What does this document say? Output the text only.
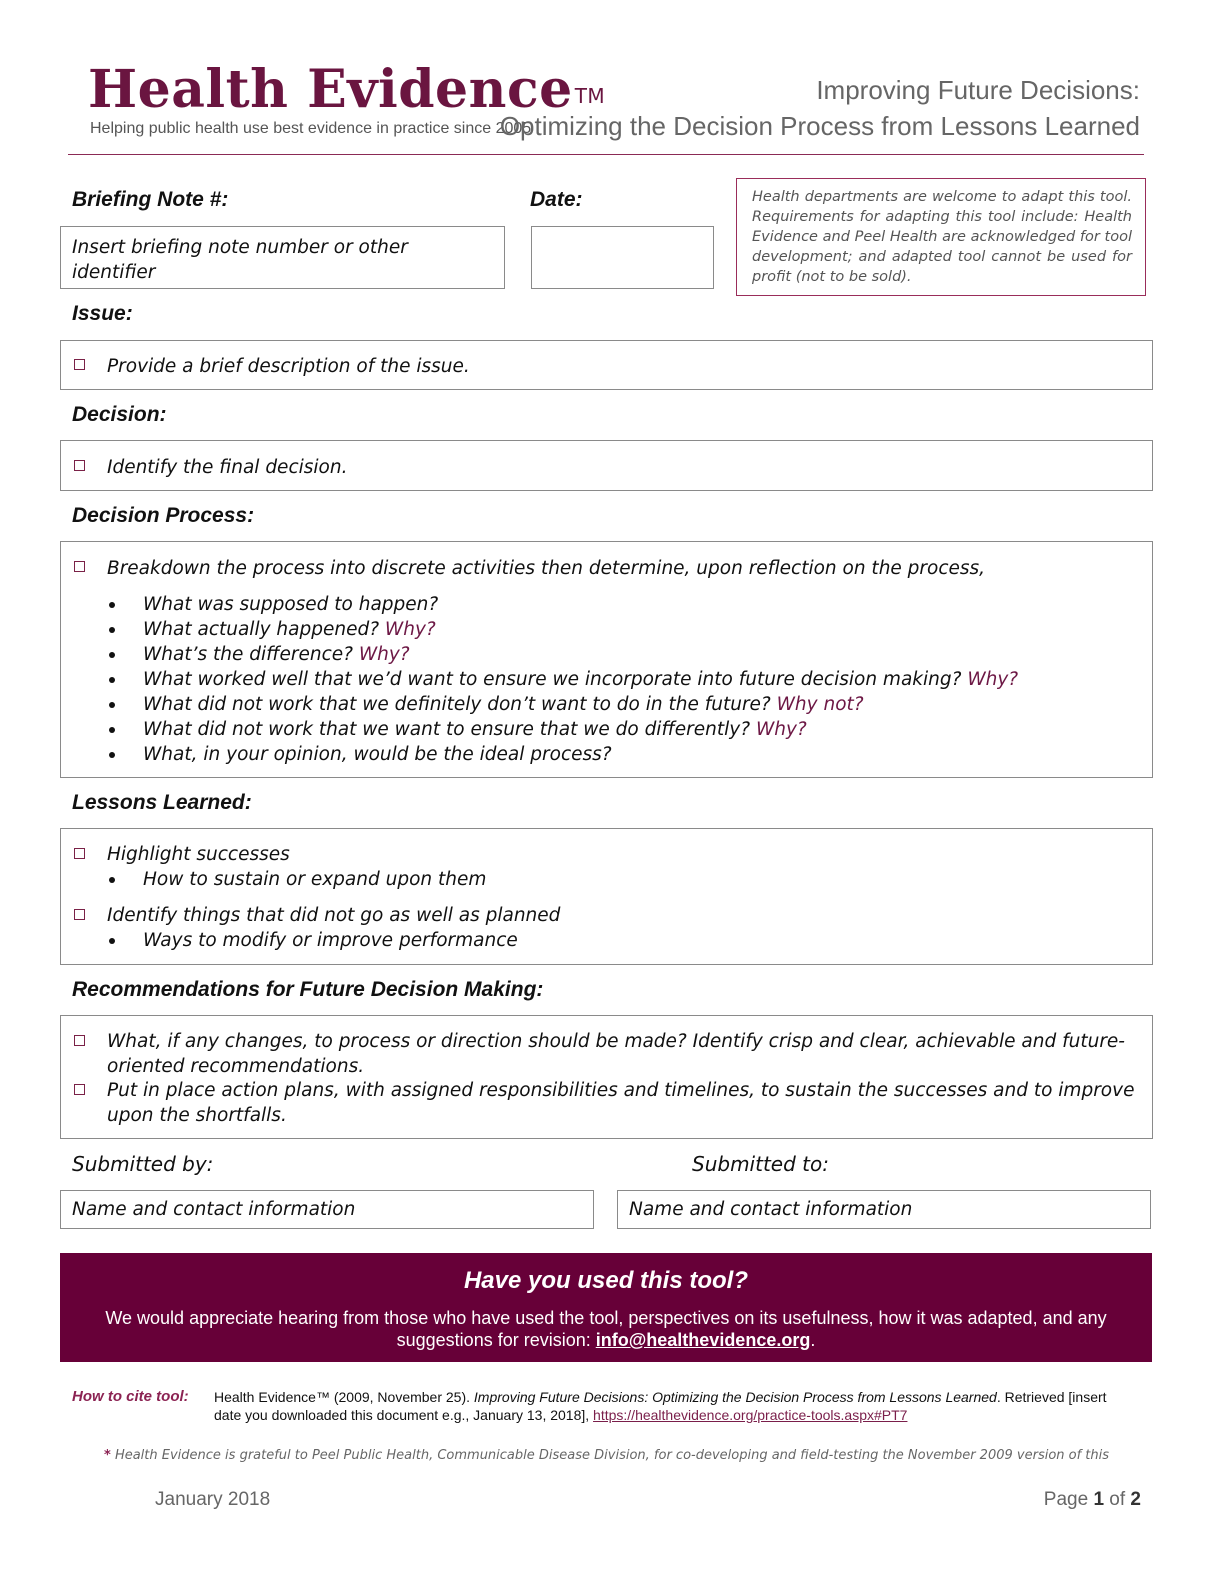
Health Evidence ™
Helping public health use best evidence in practice since 2005
Improving Future Decisions:
Optimizing the Decision Process from Lessons Learned
Briefing Note #:
Insert briefing note number or other identifier
Date:	Health departments are welcome to adapt this tool. Requirements for adapting this tool include: Health Evidence and Peel Health are acknowledged for tool development; and adapted tool cannot be used for profit (not to be sold).
Issue:
Provide a brief description of the issue.
Decision:
Identify the final decision.
Decision Process:
Breakdown the process into discrete activities then determine, upon reflection on the process,
What was supposed to happen?
What actually happened? Why?
What’s the difference? Why?
What worked well that we’d want to ensure we incorporate into future decision making? Why?
What did not work that we definitely don’t want to do in the future? Why not?
What did not work that we want to ensure that we do differently? Why?
What, in your opinion, would be the ideal process?
Lessons Learned:
Highlight successes
How to sustain or expand upon them
Identify things that did not go as well as planned
Ways to modify or improve performance
Recommendations for Future Decision Making:
What, if any changes, to process or direction should be made? Identify crisp and clear, achievable and future-oriented recommendations.
Put in place action plans, with assigned responsibilities and timelines, to sustain the successes and to improve upon the shortfalls.
Submitted by:	Submitted to:
Name and contact information	Name and contact information
Have you used this tool?
We would appreciate hearing from those who have used the tool, perspectives on its usefulness, how it was adapted, and any suggestions for revision: info@healthevidence.org.
How to cite tool: Health Evidence™ (2009, November 25). Improving Future Decisions: Optimizing the Decision Process from Lessons Learned. Retrieved [insert date you downloaded this document e.g., January 13, 2018], https://healthevidence.org/practice-tools.aspx#PT7
* Health Evidence is grateful to Peel Public Health, Communicable Disease Division, for co-developing and field-testing the November 2009 version of this
January 2018	Page 1 of 2
